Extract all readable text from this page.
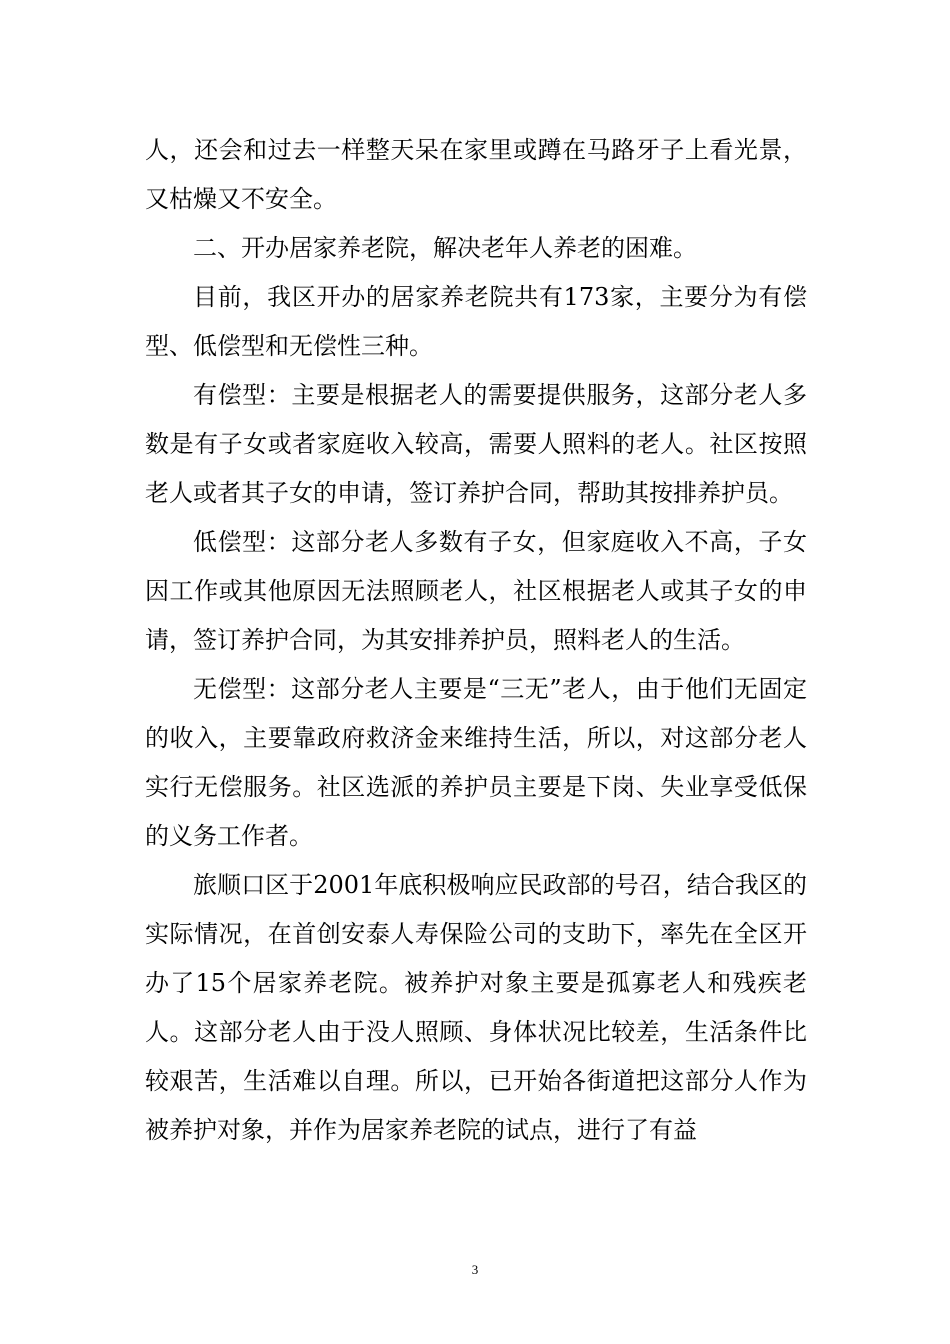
人，还会和过去一样整天呆在家里或蹲在马路牙子上看光景，又枯燥又不安全。

二、开办居家养老院，解决老年人养老的困难。

目前，我区开办的居家养老院共有173家，主要分为有偿型、低偿型和无偿性三种。

有偿型：主要是根据老人的需要提供服务，这部分老人多数是有子女或者家庭收入较高，需要人照料的老人。社区按照老人或者其子女的申请，签订养护合同，帮助其按排养护员。

低偿型：这部分老人多数有子女，但家庭收入不高，子女因工作或其他原因无法照顾老人，社区根据老人或其子女的申请，签订养护合同，为其安排养护员，照料老人的生活。

无偿型：这部分老人主要是“三无”老人，由于他们无固定的收入，主要靠政府救济金来维持生活，所以，对这部分老人实行无偿服务。社区选派的养护员主要是下岗、失业享受低保的义务工作者。

旅顺口区于2001年底积极响应民政部的号召，结合我区的实际情况，在首创安泰人寿保险公司的支助下，率先在全区开办了15个居家养老院。被养护对象主要是孤寡老人和残疾老人。这部分老人由于没人照顾、身体状况比较差，生活条件比较艰苦，生活难以自理。所以，已开始各街道把这部分人作为被养护对象，并作为居家养老院的试点，进行了有益

3
